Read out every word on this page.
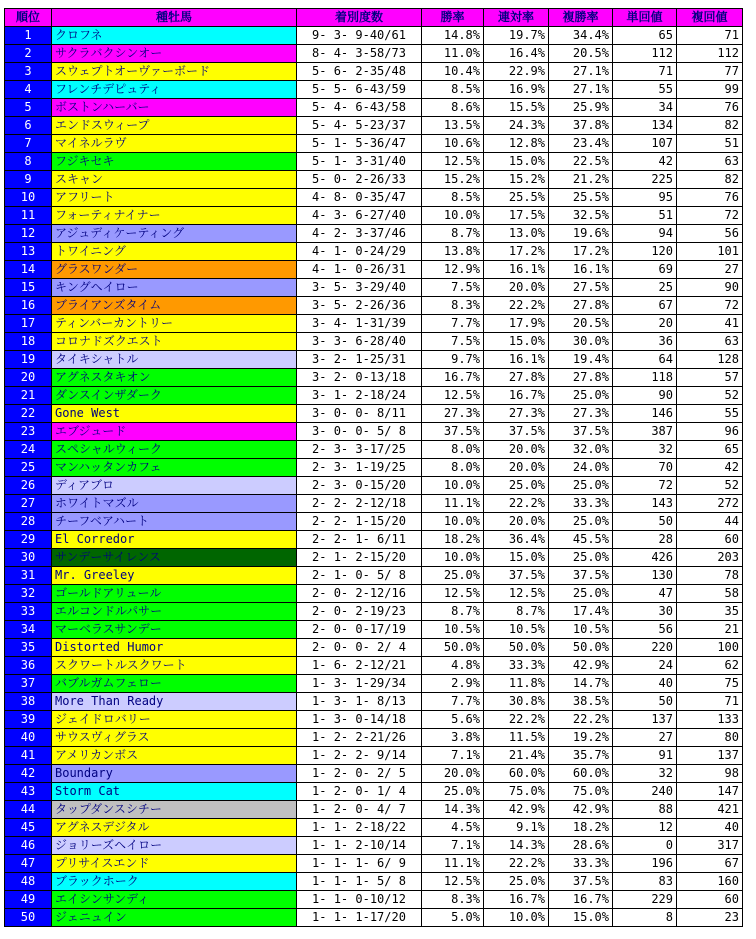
順位	種牡馬	着別度数	勝率	連対率	複勝率	単回値	複回値
1	クロフネ	9- 3- 9-40/61	14.8%	19.7%	34.4%	65	71
2	サクラバクシンオー	8- 4- 3-58/73	11.0%	16.4%	20.5%	112	112
3	スウェプトオーヴァーボード	5- 6- 2-35/48	10.4%	22.9%	27.1%	71	77
4	フレンチデピュティ	5- 5- 6-43/59	8.5%	16.9%	27.1%	55	99
5	ボストンハーバー	5- 4- 6-43/58	8.6%	15.5%	25.9%	34	76
6	エンドスウィープ	5- 4- 5-23/37	13.5%	24.3%	37.8%	134	82
7	マイネルラヴ	5- 1- 5-36/47	10.6%	12.8%	23.4%	107	51
8	フジキセキ	5- 1- 3-31/40	12.5%	15.0%	22.5%	42	63
9	スキャン	5- 0- 2-26/33	15.2%	15.2%	21.2%	225	82
10	アフリート	4- 8- 0-35/47	8.5%	25.5%	25.5%	95	76
11	フォーティナイナー	4- 3- 6-27/40	10.0%	17.5%	32.5%	51	72
12	アジュディケーティング	4- 2- 3-37/46	8.7%	13.0%	19.6%	94	56
13	トワイニング	4- 1- 0-24/29	13.8%	17.2%	17.2%	120	101
14	グラスワンダー	4- 1- 0-26/31	12.9%	16.1%	16.1%	69	27
15	キングヘイロー	3- 5- 3-29/40	7.5%	20.0%	27.5%	25	90
16	ブライアンズタイム	3- 5- 2-26/36	8.3%	22.2%	27.8%	67	72
17	ティンバーカントリー	3- 4- 1-31/39	7.7%	17.9%	20.5%	20	41
18	コロナドズクエスト	3- 3- 6-28/40	7.5%	15.0%	30.0%	36	63
19	タイキシャトル	3- 2- 1-25/31	9.7%	16.1%	19.4%	64	128
20	アグネスタキオン	3- 2- 0-13/18	16.7%	27.8%	27.8%	118	57
21	ダンスインザダーク	3- 1- 2-18/24	12.5%	16.7%	25.0%	90	52
22	Gone West	3- 0- 0- 8/11	27.3%	27.3%	27.3%	146	55
23	エブジュード	3- 0- 0- 5/ 8	37.5%	37.5%	37.5%	387	96
24	スペシャルウィーク	2- 3- 3-17/25	8.0%	20.0%	32.0%	32	65
25	マンハッタンカフェ	2- 3- 1-19/25	8.0%	20.0%	24.0%	70	42
26	ディアブロ	2- 3- 0-15/20	10.0%	25.0%	25.0%	72	52
27	ホワイトマズル	2- 2- 2-12/18	11.1%	22.2%	33.3%	143	272
28	チーフベアハート	2- 2- 1-15/20	10.0%	20.0%	25.0%	50	44
29	El Corredor	2- 2- 1- 6/11	18.2%	36.4%	45.5%	28	60
30	サンデーサイレンス	2- 1- 2-15/20	10.0%	15.0%	25.0%	426	203
31	Mr. Greeley	2- 1- 0- 5/ 8	25.0%	37.5%	37.5%	130	78
32	ゴールドアリュール	2- 0- 2-12/16	12.5%	12.5%	25.0%	47	58
33	エルコンドルパサー	2- 0- 2-19/23	8.7%	8.7%	17.4%	30	35
34	マーベラスサンデー	2- 0- 0-17/19	10.5%	10.5%	10.5%	56	21
35	Distorted Humor	2- 0- 0- 2/ 4	50.0%	50.0%	50.0%	220	100
36	スクワートルスクワート	1- 6- 2-12/21	4.8%	33.3%	42.9%	24	62
37	バブルガムフェロー	1- 3- 1-29/34	2.9%	11.8%	14.7%	40	75
38	More Than Ready	1- 3- 1- 8/13	7.7%	30.8%	38.5%	50	71
39	ジェイドロバリー	1- 3- 0-14/18	5.6%	22.2%	22.2%	137	133
40	サウスヴィグラス	1- 2- 2-21/26	3.8%	11.5%	19.2%	27	80
41	アメリカンボス	1- 2- 2- 9/14	7.1%	21.4%	35.7%	91	137
42	Boundary	1- 2- 0- 2/ 5	20.0%	60.0%	60.0%	32	98
43	Storm Cat	1- 2- 0- 1/ 4	25.0%	75.0%	75.0%	240	147
44	タップダンスシチー	1- 2- 0- 4/ 7	14.3%	42.9%	42.9%	88	421
45	アグネスデジタル	1- 1- 2-18/22	4.5%	9.1%	18.2%	12	40
46	ジョリーズヘイロー	1- 1- 2-10/14	7.1%	14.3%	28.6%	0	317
47	プリサイスエンド	1- 1- 1- 6/ 9	11.1%	22.2%	33.3%	196	67
48	ブラックホーク	1- 1- 1- 5/ 8	12.5%	25.0%	37.5%	83	160
49	エイシンサンディ	1- 1- 0-10/12	8.3%	16.7%	16.7%	229	60
50	ジェニュイン	1- 1- 1-17/20	5.0%	10.0%	15.0%	8	23
